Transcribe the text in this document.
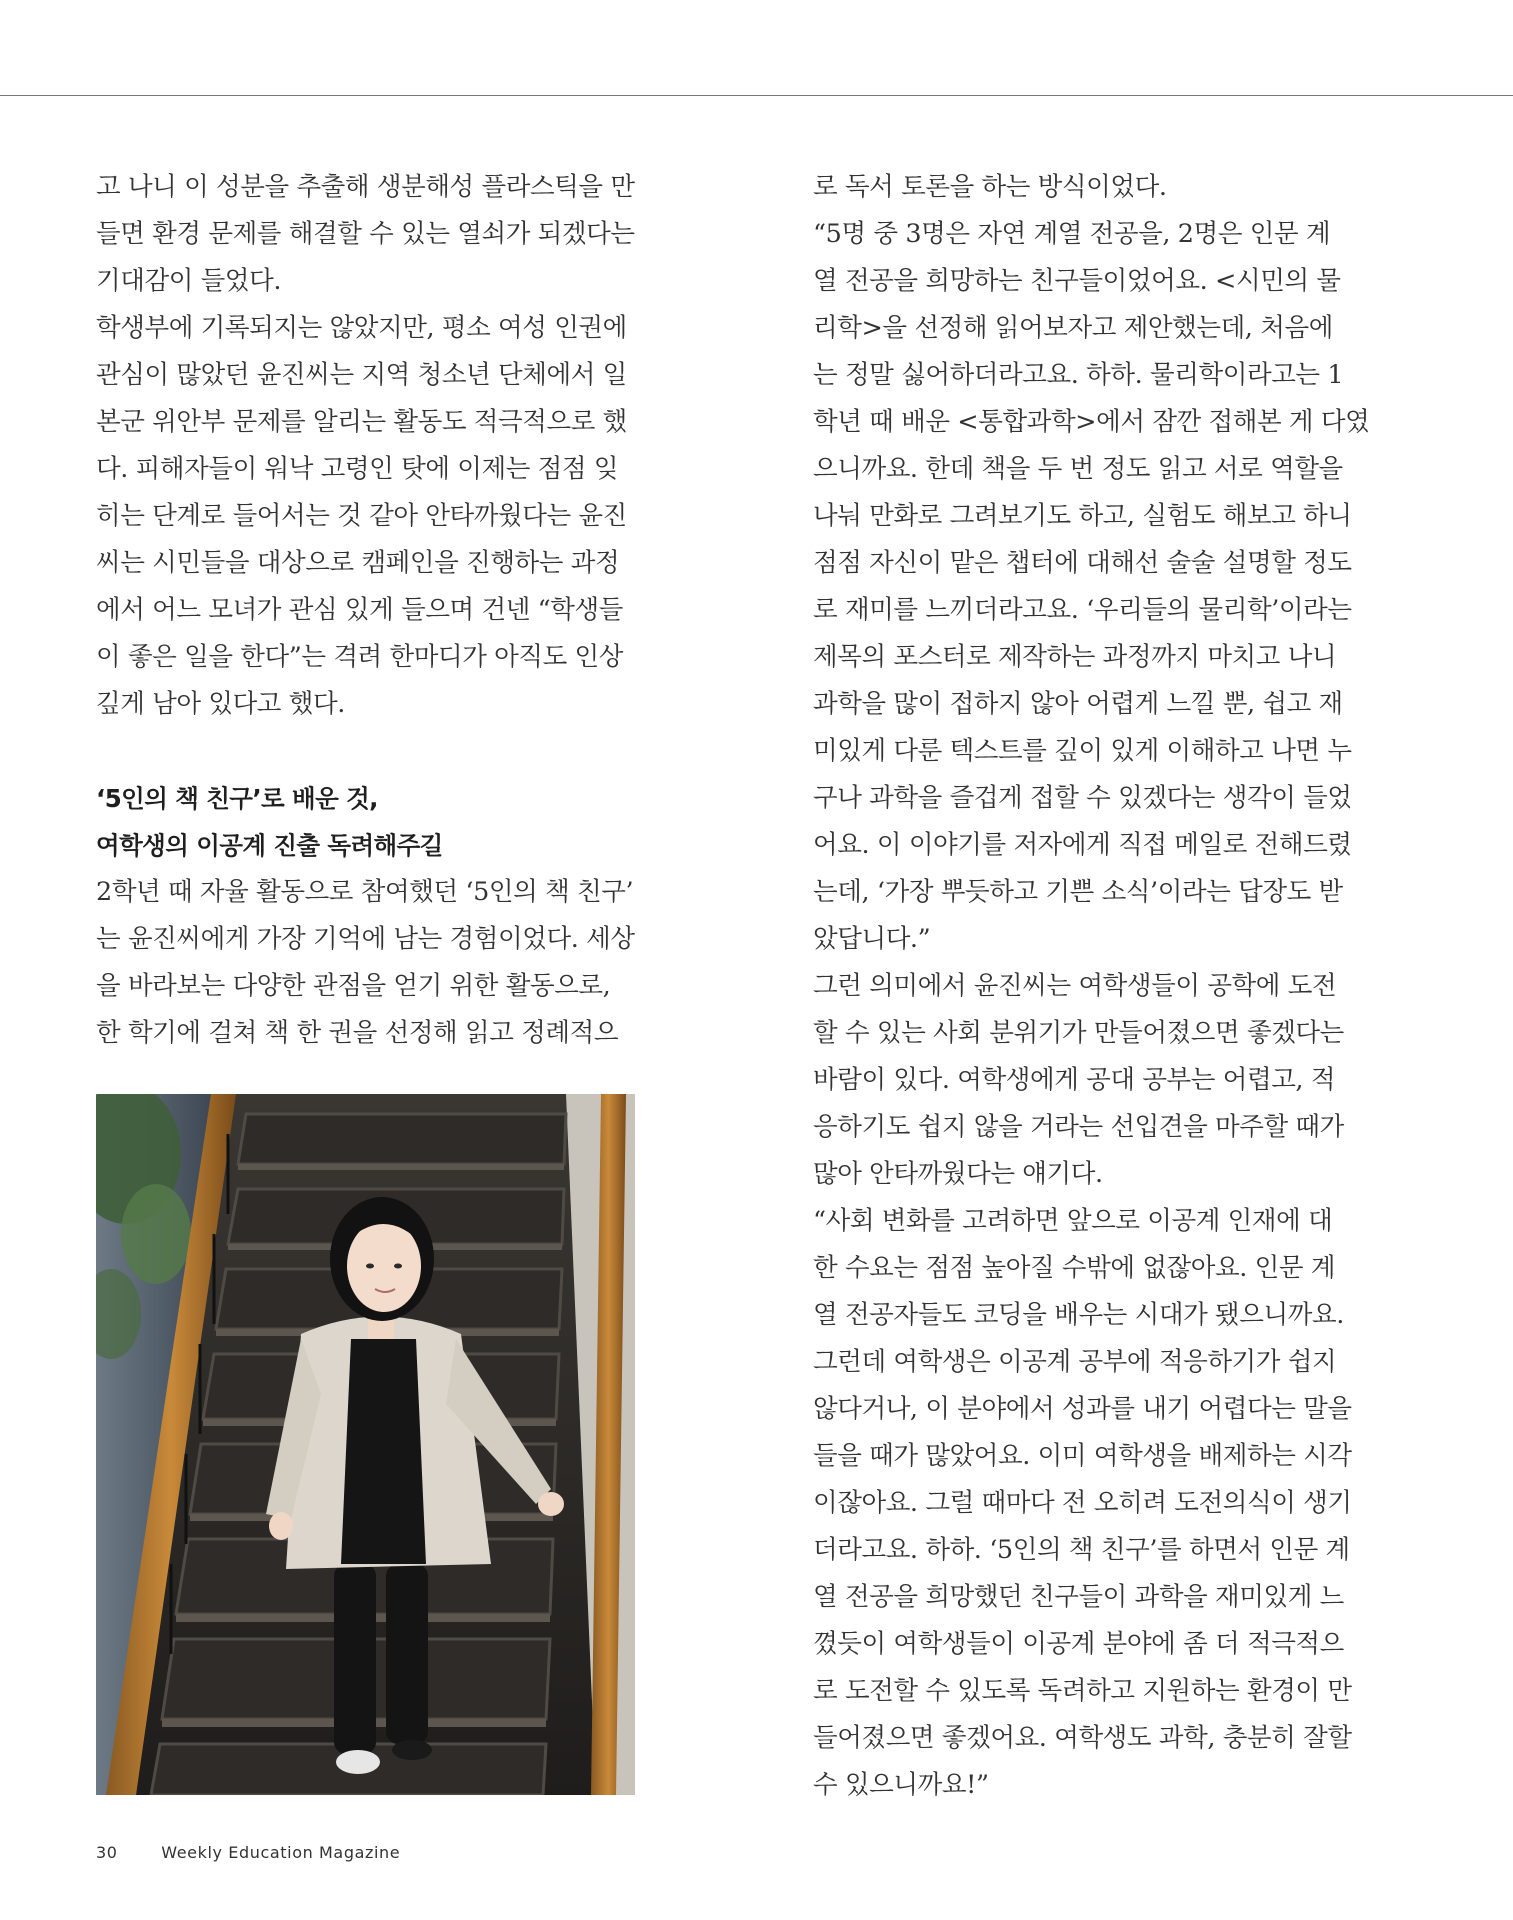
고 나니 이 성분을 추출해 생분해성 플라스틱을 만
들면 환경 문제를 해결할 수 있는 열쇠가 되겠다는
기대감이 들었다.
학생부에 기록되지는 않았지만, 평소 여성 인권에
관심이 많았던 윤진씨는 지역 청소년 단체에서 일
본군 위안부 문제를 알리는 활동도 적극적으로 했
다. 피해자들이 워낙 고령인 탓에 이제는 점점 잊
히는 단계로 들어서는 것 같아 안타까웠다는 윤진
씨는 시민들을 대상으로 캠페인을 진행하는 과정
에서 어느 모녀가 관심 있게 들으며 건넨 “학생들
이 좋은 일을 한다”는 격려 한마디가 아직도 인상
깊게 남아 있다고 했다.
‘5인의 책 친구’로 배운 것,
여학생의 이공계 진출 독려해주길
2학년 때 자율 활동으로 참여했던 ‘5인의 책 친구’
는 윤진씨에게 가장 기억에 남는 경험이었다. 세상
을 바라보는 다양한 관점을 얻기 위한 활동으로,
한 학기에 걸쳐 책 한 권을 선정해 읽고 정례적으
로 독서 토론을 하는 방식이었다.
“5명 중 3명은 자연 계열 전공을, 2명은 인문 계
열 전공을 희망하는 친구들이었어요. <시민의 물
리학>을 선정해 읽어보자고 제안했는데, 처음에
는 정말 싫어하더라고요. 하하. 물리학이라고는 1
학년 때 배운 <통합과학>에서 잠깐 접해본 게 다였
으니까요. 한데 책을 두 번 정도 읽고 서로 역할을
나눠 만화로 그려보기도 하고, 실험도 해보고 하니
점점 자신이 맡은 챕터에 대해선 술술 설명할 정도
로 재미를 느끼더라고요. ‘우리들의 물리학’이라는
제목의 포스터로 제작하는 과정까지 마치고 나니
과학을 많이 접하지 않아 어렵게 느낄 뿐, 쉽고 재
미있게 다룬 텍스트를 깊이 있게 이해하고 나면 누
구나 과학을 즐겁게 접할 수 있겠다는 생각이 들었
어요. 이 이야기를 저자에게 직접 메일로 전해드렸
는데, ‘가장 뿌듯하고 기쁜 소식’이라는 답장도 받
았답니다.”
그런 의미에서 윤진씨는 여학생들이 공학에 도전
할 수 있는 사회 분위기가 만들어졌으면 좋겠다는
바람이 있다. 여학생에게 공대 공부는 어렵고, 적
응하기도 쉽지 않을 거라는 선입견을 마주할 때가
많아 안타까웠다는 얘기다.
“사회 변화를 고려하면 앞으로 이공계 인재에 대
한 수요는 점점 높아질 수밖에 없잖아요. 인문 계
열 전공자들도 코딩을 배우는 시대가 됐으니까요.
그런데 여학생은 이공계 공부에 적응하기가 쉽지
않다거나, 이 분야에서 성과를 내기 어렵다는 말을
들을 때가 많았어요. 이미 여학생을 배제하는 시각
이잖아요. 그럴 때마다 전 오히려 도전의식이 생기
더라고요. 하하. ‘5인의 책 친구’를 하면서 인문 계
열 전공을 희망했던 친구들이 과학을 재미있게 느
꼈듯이 여학생들이 이공계 분야에 좀 더 적극적으
로 도전할 수 있도록 독려하고 지원하는 환경이 만
들어졌으면 좋겠어요. 여학생도 과학, 충분히 잘할
수 있으니까요!”
30	Weekly Education Magazine
